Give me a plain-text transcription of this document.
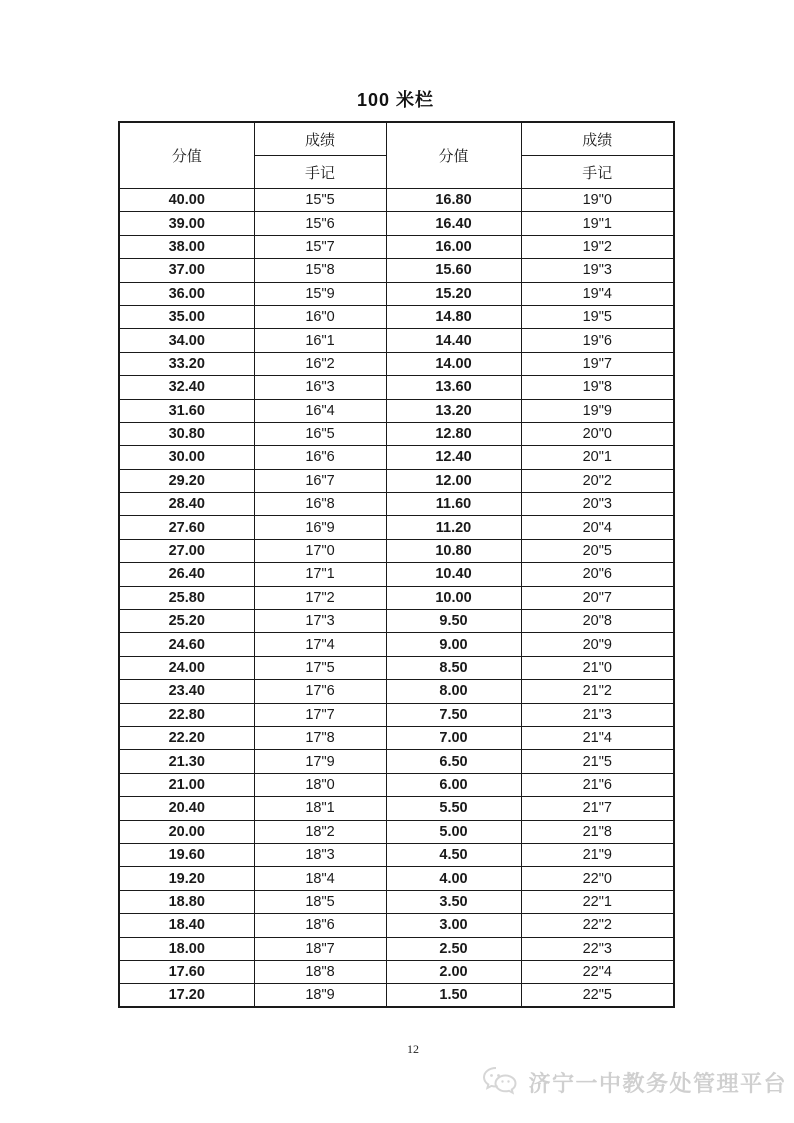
100 米栏
分值	成绩	分值	成绩
	手记		手记
40.00	15"5	16.80	19"0
39.00	15"6	16.40	19"1
38.00	15"7	16.00	19"2
37.00	15"8	15.60	19"3
36.00	15"9	15.20	19"4
35.00	16"0	14.80	19"5
34.00	16"1	14.40	19"6
33.20	16"2	14.00	19"7
32.40	16"3	13.60	19"8
31.60	16"4	13.20	19"9
30.80	16"5	12.80	20"0
30.00	16"6	12.40	20"1
29.20	16"7	12.00	20"2
28.40	16"8	11.60	20"3
27.60	16"9	11.20	20"4
27.00	17"0	10.80	20"5
26.40	17"1	10.40	20"6
25.80	17"2	10.00	20"7
25.20	17"3	9.50	20"8
24.60	17"4	9.00	20"9
24.00	17"5	8.50	21"0
23.40	17"6	8.00	21"2
22.80	17"7	7.50	21"3
22.20	17"8	7.00	21"4
21.30	17"9	6.50	21"5
21.00	18"0	6.00	21"6
20.40	18"1	5.50	21"7
20.00	18"2	5.00	21"8
19.60	18"3	4.50	21"9
19.20	18"4	4.00	22"0
18.80	18"5	3.50	22"1
18.40	18"6	3.00	22"2
18.00	18"7	2.50	22"3
17.60	18"8	2.00	22"4
17.20	18"9	1.50	22"5
12
济宁一中教务处管理平台
